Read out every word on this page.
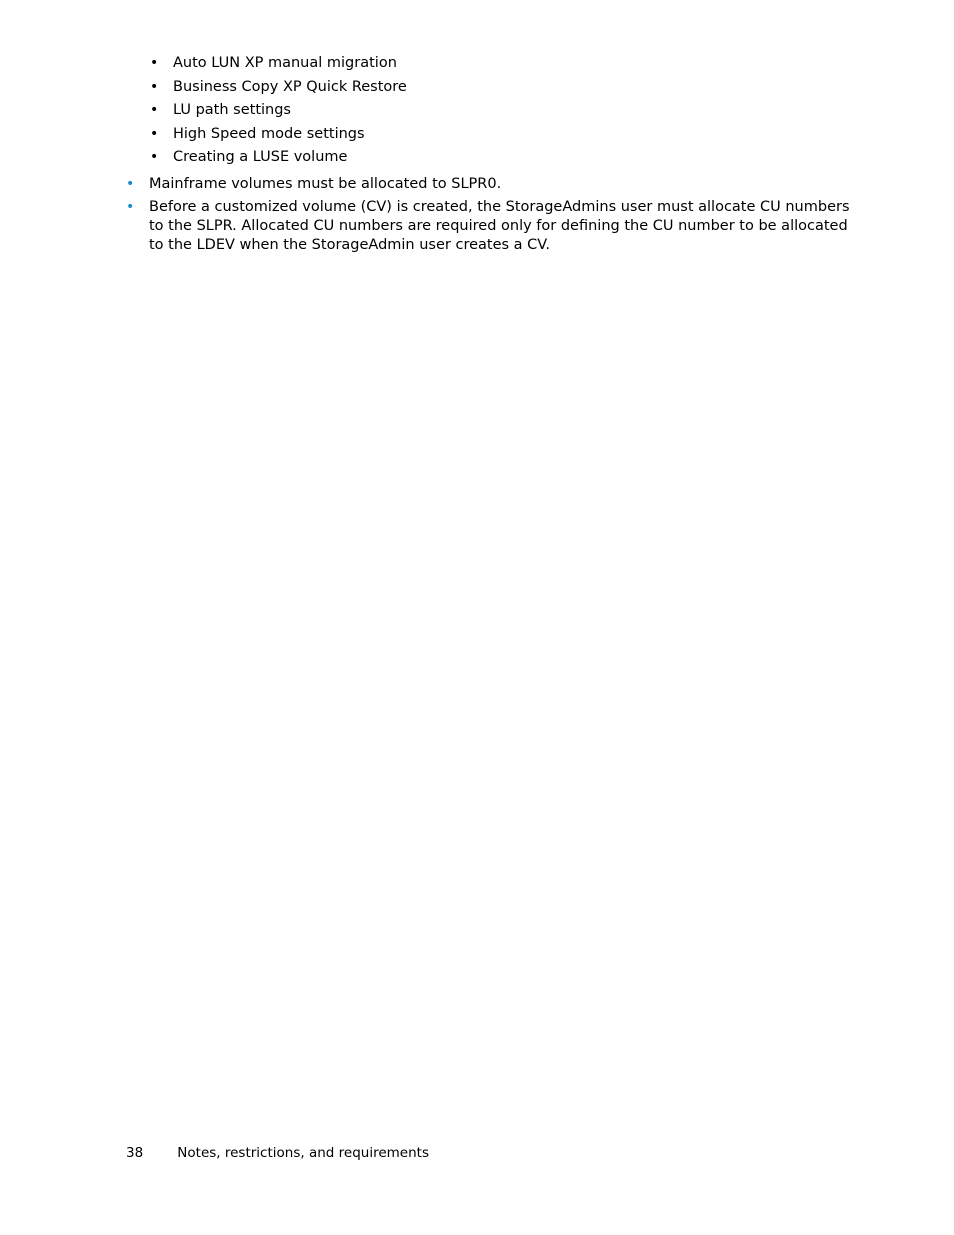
• Auto LUN XP manual migration
• Business Copy XP Quick Restore
• LU path settings
• High Speed mode settings
• Creating a LUSE volume
• Mainframe volumes must be allocated to SLPR0.
• Before a customized volume (CV) is created, the StorageAdmins user must allocate CU numbers
to the SLPR. Allocated CU numbers are required only for defining the CU number to be allocated
to the LDEV when the StorageAdmin user creates a CV.
38	Notes, restrictions, and requirements
